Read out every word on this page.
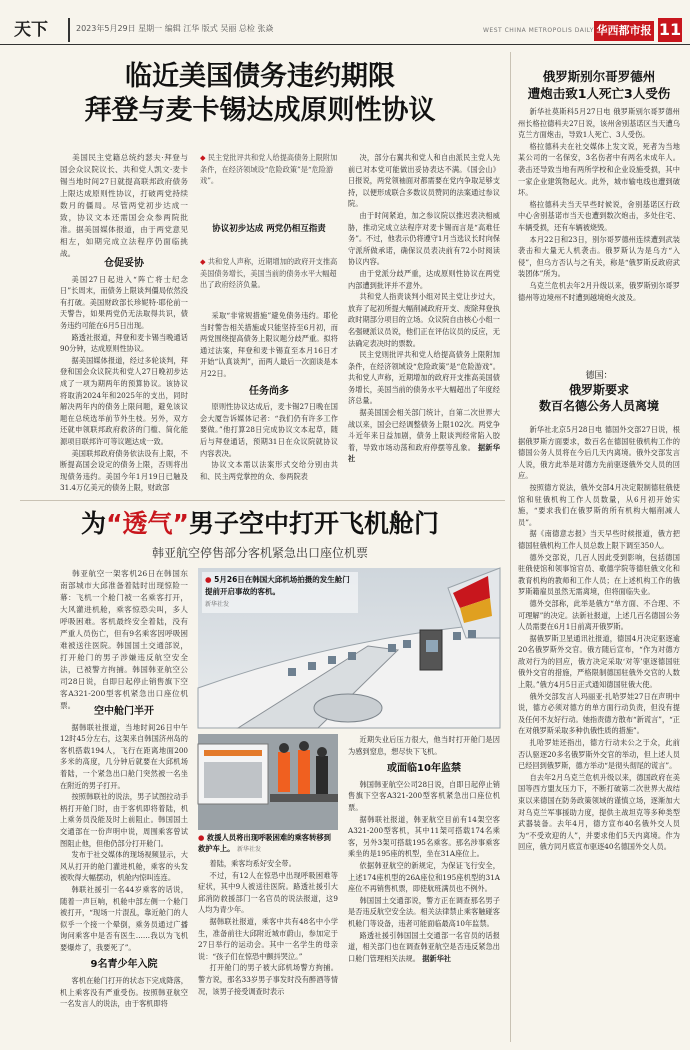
天下	2023年5月29日 星期一 编辑 江华 版式 吴丽 总检 张焱	WEST CHINA METROPOLIS DAILY 华西都市报 11
临近美国债务违约期限
拜登与麦卡锡达成原则性协议

美国民主党籍总统约瑟夫·拜登与国会众议院议长、共和党人凯文·麦卡锡当地时间27日就提高联邦政府债务上限达成原则性协议，打破两党持续数月的僵局。尽管两党初步达成一致，协议文本还需国会众参两院批准。据美国媒体报道，由于两党意见相左，如期完成立法程序仍面临挑战。

◆ 民主党批评共和党人给提高债务上限附加条件，在经济领域设“危险政策”是“危险游戏”。
协议初步达成 两党仍相互指责
◆ 共和党人声称，近期增加的政府开支推高美国债务增长，美国当前的债务水平大幅超出了政府经济负量。
仓促妥协

美国27日起进入“阵亡将士纪念日”长周末，而债务上限谈判僵局依然没有打破。美国财政部长珍妮特·耶伦前一天警告，如果两党仍无法取得共识，债务违约可能在6月5日出现。

路透社报道，拜登和麦卡锡当晚通话90分钟，达成原则性协议。

据美国媒体报道，经过多轮谈判，拜登和国会众议院共和党人27日晚初步达成了一项为期两年的预算协议。该协议将取消2024年和2025年的支出，同时解决两年内的债务上限问题，避免该议题在总统选举前节外生枝。另外，双方还就申领联邦政府救济的门槛、简化能源项目联邦许可等议题达成一致。

美国联邦政府债务依法设有上限，不断提高国会设定的债务上限，否则将出现债务违约。美国今年1月19日已触及31.4万亿美元的债务上限，财政部

采取“非常规措施”避免债务违约。耶伦当时警告相关措施或只能坚持至6月初，而两党围绕提高债务上限议题分歧严重。拟将通过法案，拜登和麦卡锡直至本月16日才开始“认真谈判”，而两人最后一次面谈是本月22日。

任务尚多

原则性协议达成后，麦卡锡27日晚在国会大厦告诉媒体记者：“我们仍有许多工作要做。”他打算28日完成协议文本起草，随后与拜登通话，预期31日在众议院就协议内容表决。

协议文本需以法案形式交给分别由共和、民主两党掌控的众、参两院表

决，部分右翼共和党人和自由派民主党人先前已对本党可能做出妥协表达不满。《国会山》日报说，两党领袖面对都需要在党内争取足够支持，以便形成联合多数议员赞同的法案通过参议院。

由于时间紧迫，加之参议院以推迟表决相威胁，推动完成立法程序对麦卡锡而言是“高难任务”。不过，他表示仍将遵守1月当选议长时向保守派所做承诺，确保议员表决前有72小时阅读协议内容。

由于党派分歧严重，达成原则性协议在两党内部遭到批评并不意外。

共和党人指责谈判小组对民主党让步过大，放弃了起初所提大幅削减政府开支、废除拜登执政时期部分项目的立场。众议院自由核心小组一名强硬派议员说，他们正在评估议员的反应，无法确定表决时的票数。

民主党则批评共和党人给提高债务上限附加条件，在经济领域设“危险政策”是“危险游戏”。共和党人声称，近期增加的政府开支推高美国债务增长，美国当前的债务水平大幅超出了年度经济总量。

据美国国会相关部门统计，自第二次世界大战以来，国会已经调整债务上限102次。两党争斗近年来日益加剧，债务上限谈判经常陷入胶着，导致市场动荡和政府停摆等乱象。 据新华社

为“透气”男子空中打开飞机舱门
韩亚航空停售部分客机紧急出口座位机票

韩亚航空一架客机26日在韩国东南部城市大邱准备着陆时出现惊险一幕：飞机一个舱门被一名乘客打开，大风灌进机舱，乘客惊恐尖叫，多人呼吸困难。客机最终安全着陆，没有严重人员伤亡，但有9名乘客因呼吸困难被送往医院。韩国国土交通部说，打开舱门的男子涉嫌违反航空安全法，已被警方拘捕。韩国韩亚航空公司28日说，自即日起停止销售旗下空客A321-200型客机紧急出口座位机票。

● 5月26日在韩国大邱机场拍摄的发生舱门提前开启事故的客机。
新华社发
空中舱门半开

据韩联社报道，当地时间26日中午12时45分左右，这架来自韩国济州岛的客机搭载194人，飞行在距离地面200多米的高度，几分钟后就要在大邱机场着陆，一个紧急出口舱门突然被一名坐在附近的男子打开。

按照韩联社的说法，男子试图拉动手柄打开舱门时，由于客机即将着陆，机上乘务员没能及时上前阻止。韩国国土交通部在一份声明中说，周围乘客曾试图阻止他，但他仍部分打开舱门。

发布于社交媒体的现场视频显示，大风从打开的舱门灌进机舱，乘客的头发被吹得大幅摆动，机舱内惊叫连连。

韩联社援引一名44岁乘客的话说，随着一声巨响，机舱中部左侧一个舱门被打开，“现场一片混乱，靠近舱门的人似乎一个接一个晕倒，乘务员通过广播询问乘客中是否有医生……我以为飞机要爆炸了，我要死了”。

9名青少年入院

客机在舱门打开的状态下完成降落，机上乘客没有严重受伤。按照韩亚航空一名发言人的说法，由于客机即将

● 救援人员将出现呼吸困难的乘客转移到救护车上。 新华社发

着陆，乘客均系好安全带。

不过，有12人在惊恐中出现呼吸困难等症状，其中9人被送往医院。路透社援引大邱消防救援部门一名官员的说法报道，这9人均为青少年。

据韩联社报道，乘客中共有48名中小学生，准备前往大邱附近城市蔚山，参加定于27日举行的运动会。其中一名学生的母亲说：“孩子们在惊恐中颤抖哭泣。”

打开舱门的男子被大邱机场警方拘捕。警方说，那名33岁男子事发时没有醉酒等情况，该男子接受调查时表示

近期失业后压力很大，他当时打开舱门是因为感到窒息，想尽快下飞机。

或面临10年监禁

韩国韩亚航空公司28日说，自即日起停止销售旗下空客A321-200型客机紧急出口座位机票。

据韩联社报道，韩亚航空目前有14架空客A321-200型客机，其中11架可搭载174名乘客，另外3架可搭载195名乘客。那名涉事乘客乘坐的是195座的机型，坐在31A座位上。

依据韩亚航空的新规定，为保证飞行安全，上述174座机型的26A座位和195座机型的31A座位不再销售机票，即使航班满员也不例外。

韩国国土交通部说，警方正在调查那名男子是否违反航空安全法。相关法律禁止乘客触碰客机舱门等设备，违者可能面临最高10年监禁。

路透社援引韩国国土交通部一名官员的话报道，相关部门也在调查韩亚航空是否违反紧急出口舱门管理相关法规。 据新华社

俄罗斯别尔哥罗德州
遭炮击致1人死亡3人受伤

新华社莫斯科5月27日电 俄罗斯别尔哥罗德州州长格拉德科夫27日说，该州舍别基诺区当天遭乌克兰方面炮击，导致1人死亡、3人受伤。

格拉德科夫在社交媒体上发文说，死者为当地某公司的一名保安，3名伤者中有两名未成年人。袭击还导致当地有两所学校和企业设施受损，其中一家企业建筑物起火。此外，城市输电线也遭到破坏。

格拉德科夫当天早些时候说，舍别基诺区行政中心舍别基诺市当天也遭到数次炮击，多处住宅、车辆受损，还有车辆被烧毁。

本月22日和23日，别尔哥罗德州连续遭到武装袭击和大量无人机袭击。俄罗斯认为是乌方“入侵”，但乌方否认与之有关，称是“俄罗斯反政府武装团体”所为。

乌克兰危机去年2月升级以来，俄罗斯别尔哥罗德州等边境州不时遭到越境炮火波及。

德国：
俄罗斯要求
数百名德公务人员离境

新华社北京5月28日电 德国外交部27日说，根据俄罗斯方面要求，数百名在德国驻俄机构工作的德国公务人员将在今后几天内离境。俄外交部发言人说，俄方此举是对德方先前驱逐俄外交人员的回应。

按照德方说法，俄外交部4月决定限制德驻俄使馆和驻俄机构工作人员数量，从6月初开始实施，“要求我们在俄罗斯的所有机构大幅削减人员”。

据《南德意志报》当天早些时候报道，俄方把德国驻俄机构工作人员总数上限下调至350人。

德外交部说，几百人因此受到影响，包括德国驻俄使馆和领事馆官员、歌德学院等德驻俄文化和教育机构的教师和工作人员；在上述机构工作的俄罗斯籍雇员虽然无需离境，但将面临失业。

德外交部称，此举是俄方“单方面、不合理、不可理解”的决定。法新社报道，上述几百名德国公务人员需要在6月1日前离开俄罗斯。

据俄罗斯卫星通讯社报道，德国4月决定驱逐逾20名俄罗斯外交官。俄方随后宣布，“作为对德方敌对行为的回应，俄方决定采取‘对等’驱逐德国驻俄外交官的措施，严格限制德国驻俄外交官的人数上限。”俄方4月5日正式通知德国驻俄大使。

俄外交部发言人玛丽亚·扎哈罗娃27日在声明中说，德方必须对德方的单方面行动负责，但没有提及任何不友好行动。她指责德方散布“新谎言”，“正在对俄罗斯采取多种仇俄性质的措施”。

扎哈罗娃还指出，德方行动未公之于众，此前否认驱逐20多名俄罗斯外交官的举动，但上述人员已经回到俄罗斯，德方举动“是彻头彻尾的谎言”。

自去年2月乌克兰危机升级以来，德国政府在美国等西方盟友压力下，不断打破第二次世界大战结束以来德国在防务政策领域的谨慎立场，逐渐加大对乌克兰军事援助力度，提供主战坦克等多种类型武器装备。去年4月，德方宣布40名俄外交人员为“不受欢迎的人”，并要求他们5天内离境。作为回应，俄方同月底宣布驱逐40名德国外交人员。
